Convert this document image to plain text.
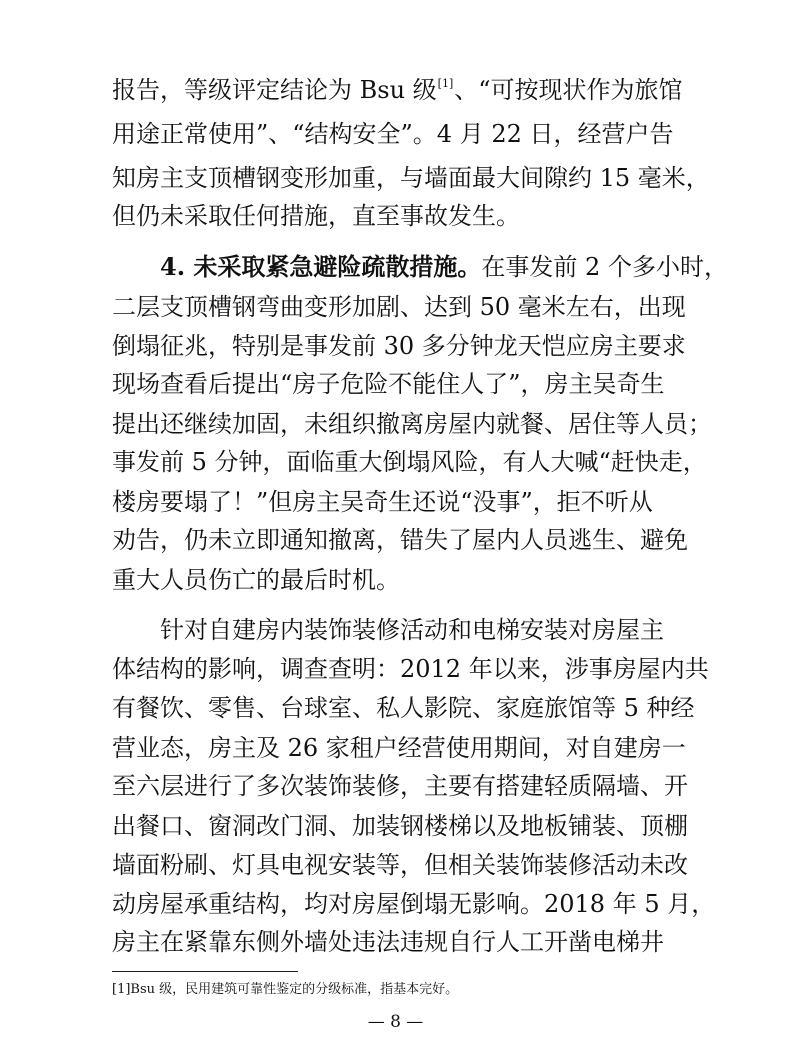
报告，等级评定结论为 Bsu 级[1]、“可按现状作为旅馆
用途正常使用”、“结构安全”。4 月 22 日，经营户告
知房主支顶槽钢变形加重，与墙面最大间隙约 15 毫米，
但仍未采取任何措施，直至事故发生。
4. 未采取紧急避险疏散措施。在事发前 2 个多小时，
二层支顶槽钢弯曲变形加剧、达到 50 毫米左右，出现
倒塌征兆，特别是事发前 30 多分钟龙天恺应房主要求
现场查看后提出“房子危险不能住人了”，房主吴奇生
提出还继续加固，未组织撤离房屋内就餐、居住等人员；
事发前 5 分钟，面临重大倒塌风险，有人大喊“赶快走，
楼房要塌了！”但房主吴奇生还说“没事”，拒不听从
劝告，仍未立即通知撤离，错失了屋内人员逃生、避免
重大人员伤亡的最后时机。
针对自建房内装饰装修活动和电梯安装对房屋主
体结构的影响，调查查明：2012 年以来，涉事房屋内共
有餐饮、零售、台球室、私人影院、家庭旅馆等 5 种经
营业态，房主及 26 家租户经营使用期间，对自建房一
至六层进行了多次装饰装修，主要有搭建轻质隔墙、开
出餐口、窗洞改门洞、加装钢楼梯以及地板铺装、顶棚
墙面粉刷、灯具电视安装等，但相关装饰装修活动未改
动房屋承重结构，均对房屋倒塌无影响。2018 年 5 月，
房主在紧靠东侧外墙处违法违规自行人工开凿电梯井
[1]Bsu 级，民用建筑可靠性鉴定的分级标准，指基本完好。
— 8 —
